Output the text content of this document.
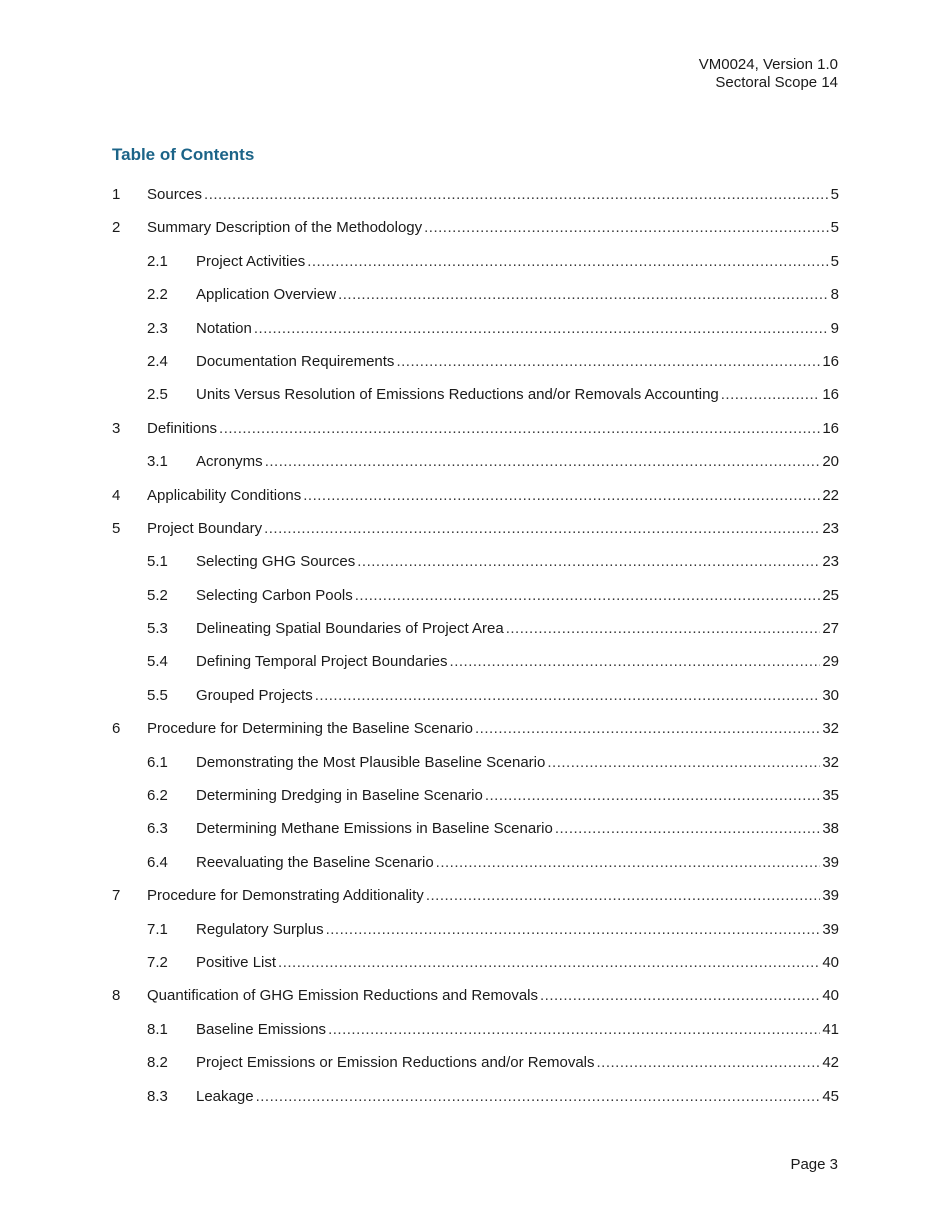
VM0024, Version 1.0
Sectoral Scope 14
Table of Contents
1	Sources .....	5
2	Summary Description of the Methodology .....	5
2.1	Project Activities .....	5
2.2	Application Overview .....	8
2.3	Notation .....	9
2.4	Documentation Requirements .....	16
2.5	Units Versus Resolution of Emissions Reductions and/or Removals Accounting .....	16
3	Definitions .....	16
3.1	Acronyms .....	20
4	Applicability Conditions .....	22
5	Project Boundary .....	23
5.1	Selecting GHG Sources .....	23
5.2	Selecting Carbon Pools .....	25
5.3	Delineating Spatial Boundaries of Project Area .....	27
5.4	Defining Temporal Project Boundaries .....	29
5.5	Grouped Projects .....	30
6	Procedure for Determining the Baseline Scenario .....	32
6.1	Demonstrating the Most Plausible Baseline Scenario .....	32
6.2	Determining Dredging in Baseline Scenario .....	35
6.3	Determining Methane Emissions in Baseline Scenario .....	38
6.4	Reevaluating the Baseline Scenario .....	39
7	Procedure for Demonstrating Additionality .....	39
7.1	Regulatory Surplus .....	39
7.2	Positive List .....	40
8	Quantification of GHG Emission Reductions and Removals .....	40
8.1	Baseline Emissions .....	41
8.2	Project Emissions or Emission Reductions and/or Removals .....	42
8.3	Leakage .....	45
Page 3
